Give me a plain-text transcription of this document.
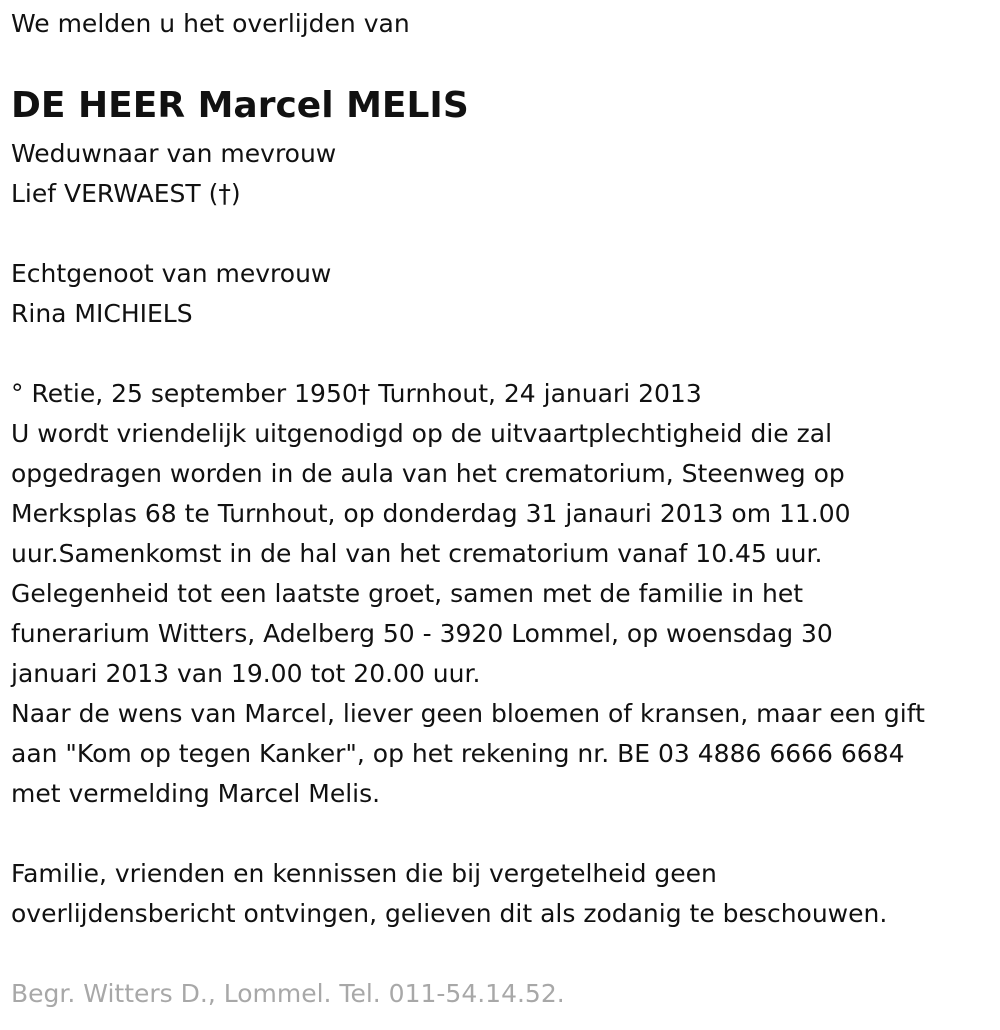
We melden u het overlijden van

DE HEER Marcel MELIS

Weduwnaar van mevrouw

Lief VERWAEST (†)

Echtgenoot van mevrouw

Rina MICHIELS

° Retie, 25 september 1950† Turnhout, 24 januari 2013

U wordt vriendelijk uitgenodigd op de uitvaartplechtigheid die zal

opgedragen worden in de aula van het crematorium, Steenweg op

Merksplas 68 te Turnhout, op donderdag 31 janauri 2013 om 11.00

uur.Samenkomst in de hal van het crematorium vanaf 10.45 uur.

Gelegenheid tot een laatste groet, samen met de familie in het

funerarium Witters, Adelberg 50 - 3920 Lommel, op woensdag 30

januari 2013 van 19.00 tot 20.00 uur.

Naar de wens van Marcel, liever geen bloemen of kransen, maar een gift

aan "Kom op tegen Kanker", op het rekening nr. BE 03 4886 6666 6684

met vermelding Marcel Melis.

Familie, vrienden en kennissen die bij vergetelheid geen

overlijdensbericht ontvingen, gelieven dit als zodanig te beschouwen.

Begr. Witters D., Lommel. Tel. 011-54.14.52.
